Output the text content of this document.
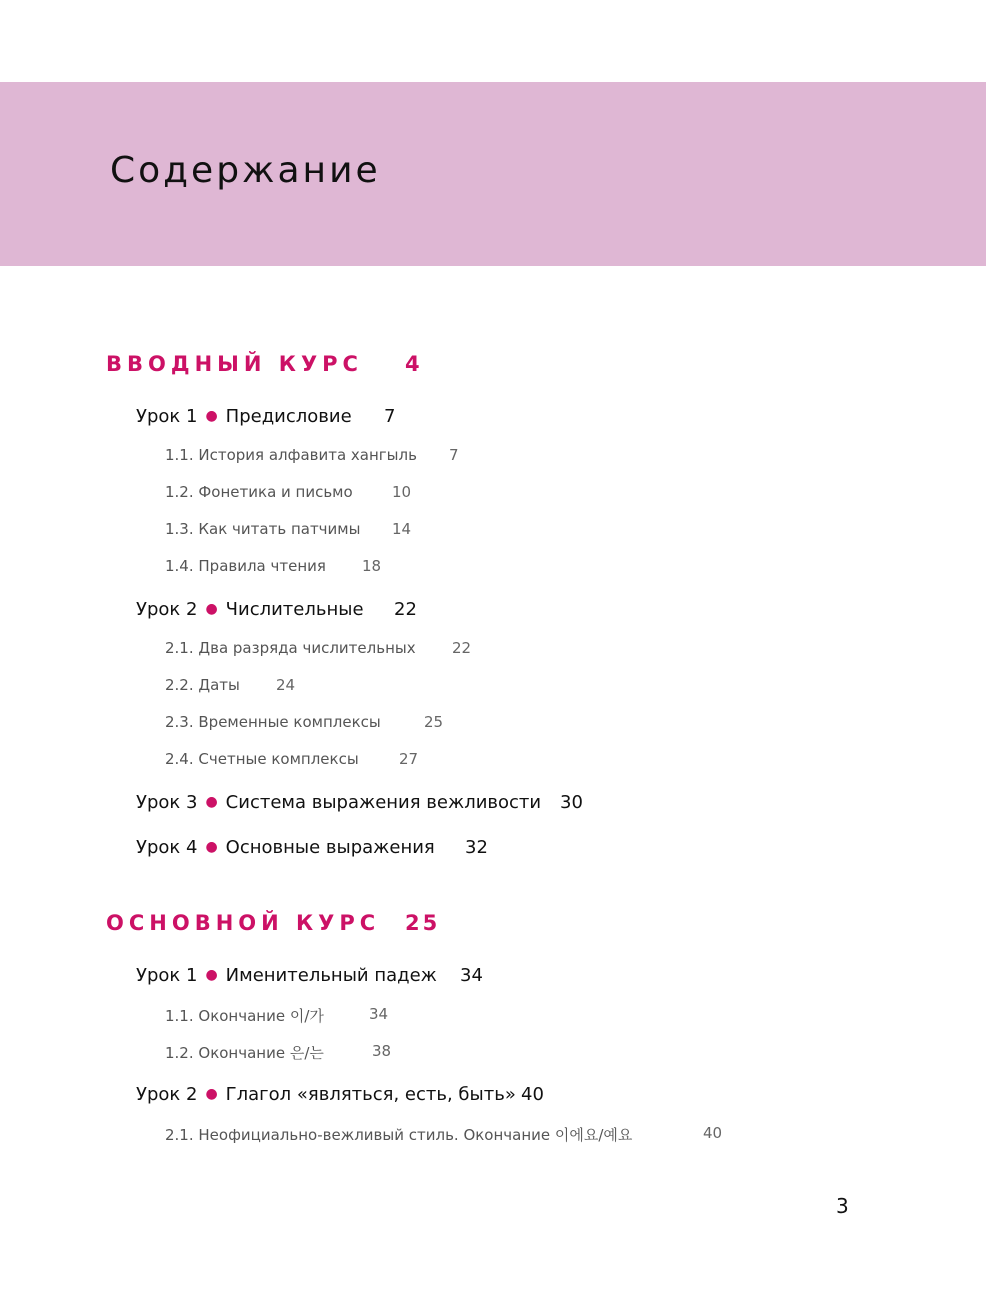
Содержание
ВВОДНЫЙ КУРС 4
Урок 1 ● Предисловие 7
1.1. История алфавита хангыль 7
1.2. Фонетика и письмо	10
1.3. Как читать патчимы 14
1.4. Правила чтения 18
Урок 2 ● Числительные 22
2.1. Два разряда числительных 22
2.2. Даты 24
2.3. Временные комплексы	25
2.4. Счетные комплексы	27
Урок 3 ● Система выражения вежливости 30
Урок 4 ● Основные выражения 32
ОСНОВНОЙ КУРС 25
Урок 1 ● Именительный падеж 34
1.1. Окончание 이/가	34
1.2. Окончание 은/는	38
Урок 2 ● Глагол «являться, есть, быть» 40
2.1. Неофициально-вежливый стиль. Окончание 이에요/예요	40
3
